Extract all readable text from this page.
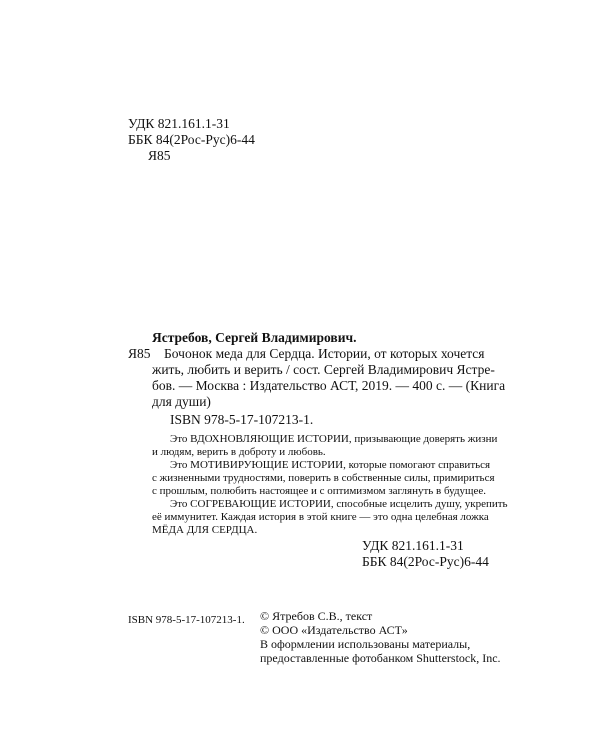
УДК 821.161.1-31
ББК 84(2Рос-Рус)6-44
Я85
Ястребов, Сергей Владимирович.
Я85 Бочонок меда для Сердца. Истории, от которых хочется
жить, любить и верить / сост. Сергей Владимирович Ястре-
бов. — Москва : Издательство АСТ, 2019. — 400 с. — (Книга
для души)
ISBN 978-5-17-107213-1.
Это ВДОХНОВЛЯЮЩИЕ ИСТОРИИ, призывающие доверять жизни
и людям, верить в доброту и любовь.
Это МОТИВИРУЮЩИЕ ИСТОРИИ, которые помогают справиться
с жизненными трудностями, поверить в собственные силы, примириться
с прошлым, полюбить настоящее и с оптимизмом заглянуть в будущее.
Это СОГРЕВАЮЩИЕ ИСТОРИИ, способные исцелить душу, укрепить
её иммунитет. Каждая история в этой книге — это одна целебная ложка
МЁДА ДЛЯ СЕРДЦА.
УДК 821.161.1-31
ББК 84(2Рос-Рус)6-44
ISBN 978-5-17-107213-1. © Ятребов С.В., текст
© ООО «Издательство АСТ»
В оформлении использованы материалы,
предоставленные фотобанком Shutterstock, Inc.
